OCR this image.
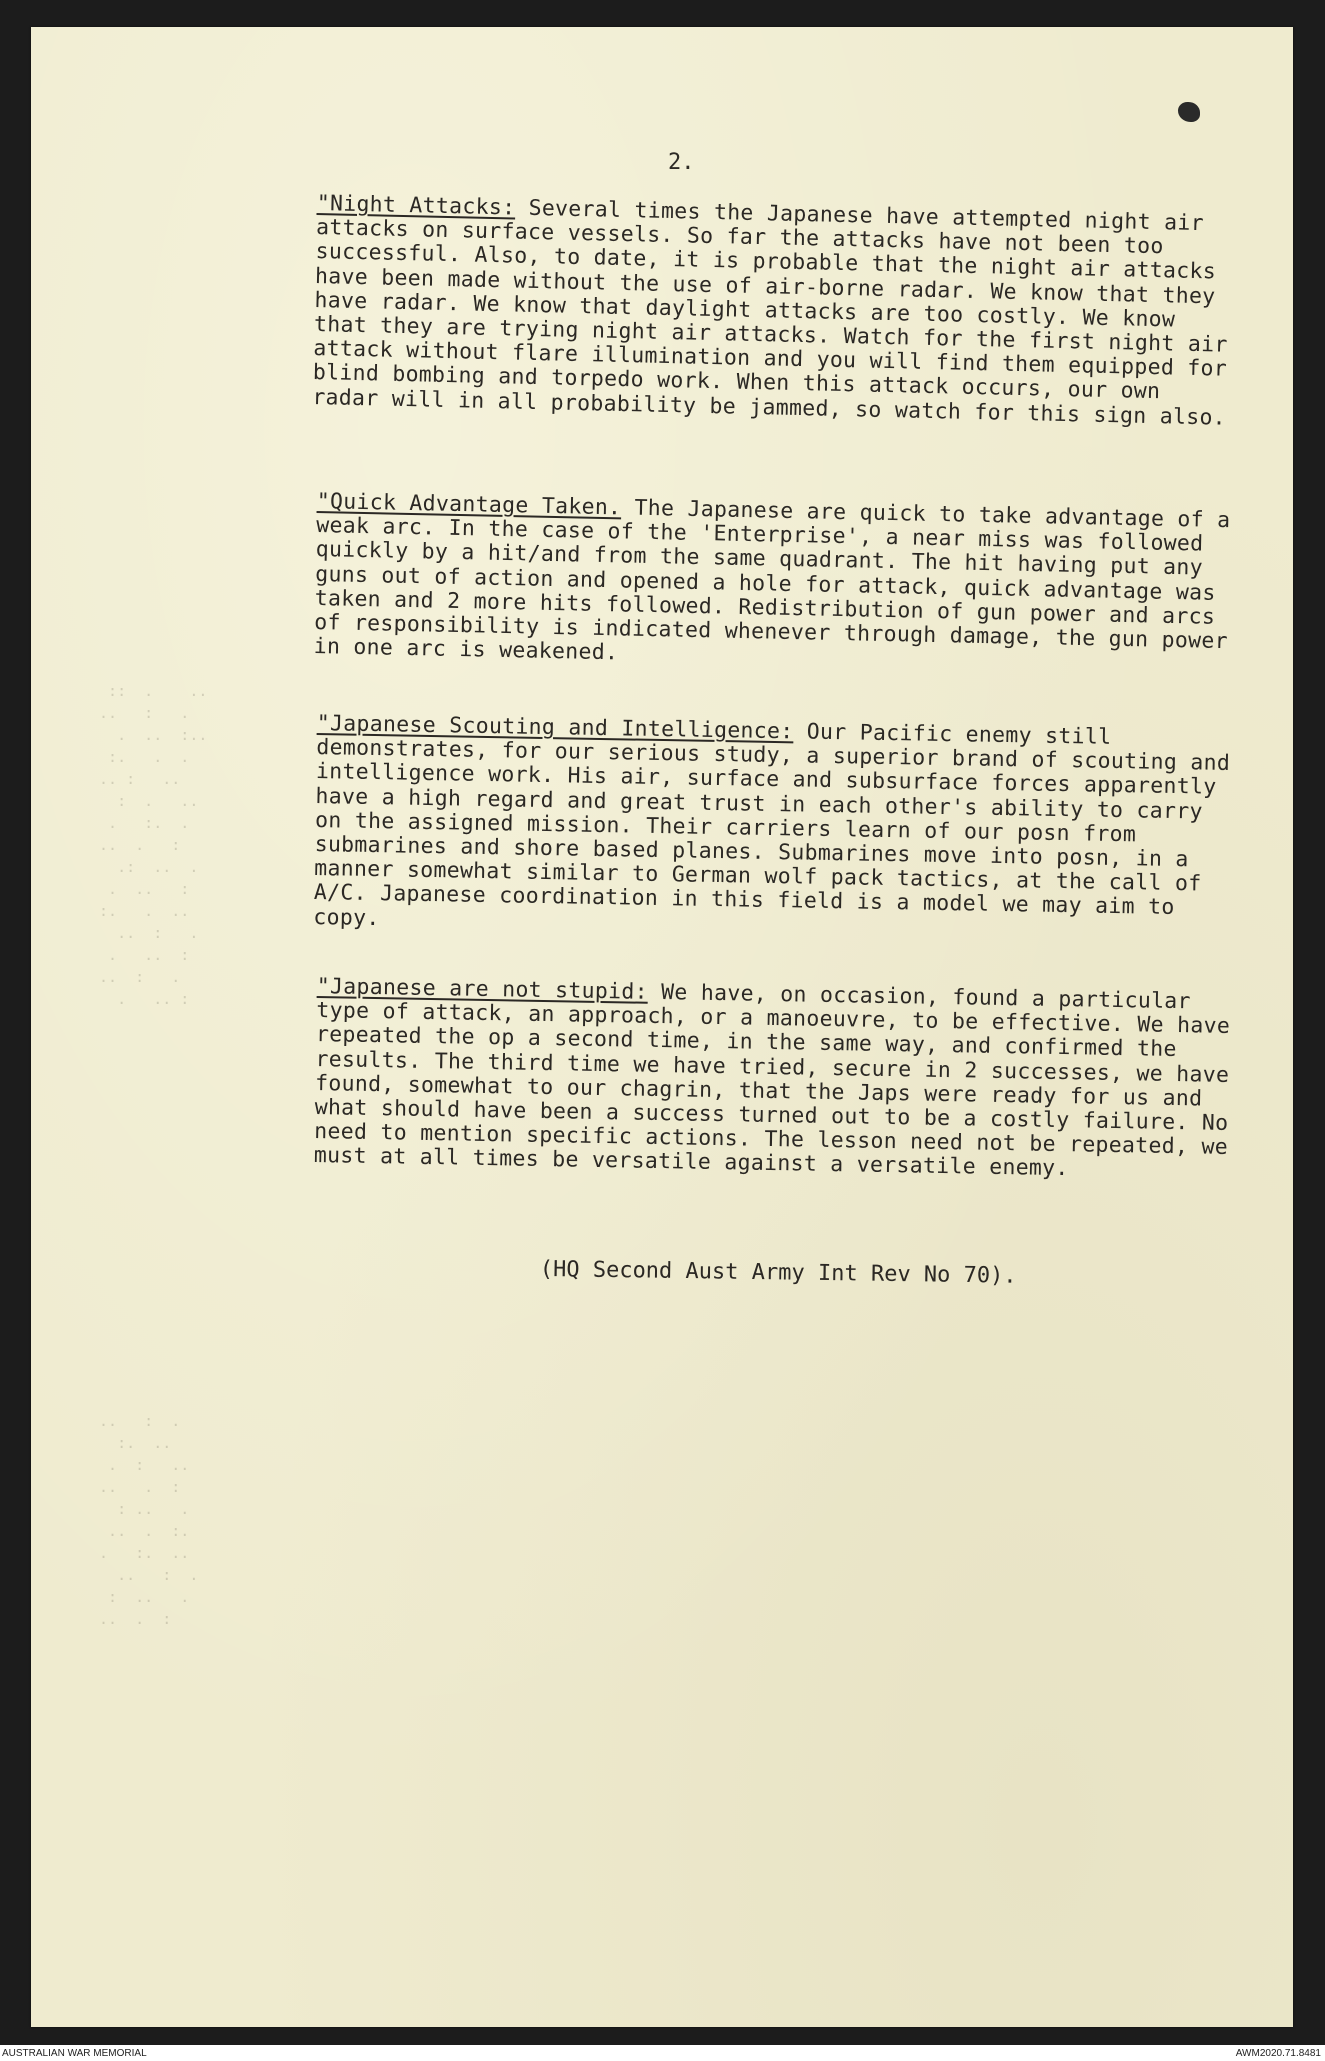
::  .    ..
..   :   .
.  ..  :..
:.   .  .
.. :   ..
:  .   ..
.   :.  .
..  .   :
.:  ..  .
.  ..   :
:.   .  ..
..  :   .
.   ..  :
..  :   .
.   .. :
..   :  .
:.  ..
.  :   ..
..   .  :
: ..   .
..  .  :.
.   :.  ..
..   :  .
:  ..   .
..  .  :
2.

"Night Attacks: Several times the Japanese have attempted night air attacks on surface vessels. So far the attacks have not been too successful. Also, to date, it is probable that the night air attacks have been made without the use of air-borne radar. We know that they have radar. We know that daylight attacks are too costly. We know that they are trying night air attacks. Watch for the first night air attack without flare illumination and you will find them equipped for blind bombing and torpedo work. When this attack occurs, our own radar will in all probability be jammed, so watch for this sign also.

"Quick Advantage Taken. The Japanese are quick to take advantage of a weak arc. In the case of the 'Enterprise', a near miss was followed quickly by a hit/and from the same quadrant. The hit having put any guns out of action and opened a hole for attack, quick advantage was taken and 2 more hits followed. Redistribution of gun power and arcs of responsibility is indicated whenever through damage, the gun power in one arc is weakened.

"Japanese Scouting and Intelligence: Our Pacific enemy still demonstrates, for our serious study, a superior brand of scouting and intelligence work. His air, surface and subsurface forces apparently have a high regard and great trust in each other's ability to carry on the assigned mission. Their carriers learn of our posn from submarines and shore based planes. Submarines move into posn, in a manner somewhat similar to German wolf pack tactics, at the call of A/C. Japanese coordination in this field is a model we may aim to copy.

"Japanese are not stupid: We have, on occasion, found a particular type of attack, an approach, or a manoeuvre, to be effective. We have repeated the op a second time, in the same way, and confirmed the results. The third time we have tried, secure in 2 successes, we have found, somewhat to our chagrin, that the Japs were ready for us and what should have been a success turned out to be a costly failure. No need to mention specific actions. The lesson need not be repeated, we must at all times be versatile against a versatile enemy.

(HQ Second Aust Army Int Rev No 70).
AUSTRALIAN WAR MEMORIAL	AWM2020.71.8481
